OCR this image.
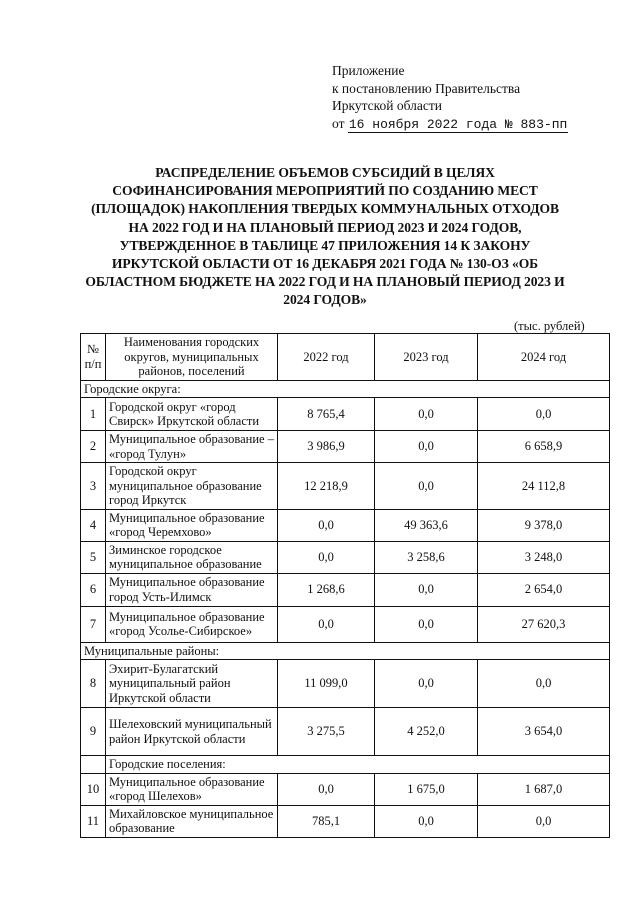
Приложение
к постановлению Правительства
Иркутской области
от 16 ноября 2022 года № 883-пп
РАСПРЕДЕЛЕНИЕ ОБЪЕМОВ СУБСИДИЙ В ЦЕЛЯХ СОФИНАНСИРОВАНИЯ МЕРОПРИЯТИЙ ПО СОЗДАНИЮ МЕСТ (ПЛОЩАДОК) НАКОПЛЕНИЯ ТВЕРДЫХ КОММУНАЛЬНЫХ ОТХОДОВ НА 2022 ГОД И НА ПЛАНОВЫЙ ПЕРИОД 2023 И 2024 ГОДОВ, УТВЕРЖДЕННОЕ В ТАБЛИЦЕ 47 ПРИЛОЖЕНИЯ 14 К ЗАКОНУ ИРКУТСКОЙ ОБЛАСТИ ОТ 16 ДЕКАБРЯ 2021 ГОДА № 130-ОЗ «ОБ ОБЛАСТНОМ БЮДЖЕТЕ НА 2022 ГОД И НА ПЛАНОВЫЙ ПЕРИОД 2023 И 2024 ГОДОВ»
(тыс. рублей)
№ п/п	Наименования городских округов, муниципальных районов, поселений	2022 год	2023 год	2024 год
Городские округа:				
1	Городской округ «город Свирск» Иркутской области	8 765,4	0,0	0,0
2	Муниципальное образование – «город Тулун»	3 986,9	0,0	6 658,9
3	Городской округ муниципальное образование город Иркутск	12 218,9	0,0	24 112,8
4	Муниципальное образование «город Черемхово»	0,0	49 363,6	9 378,0
5	Зиминское городское муниципальное образование	0,0	3 258,6	3 248,0
6	Муниципальное образование город Усть-Илимск	1 268,6	0,0	2 654,0
7	Муниципальное образование «город Усолье-Сибирское»	0,0	0,0	27 620,3
Муниципальные районы:				
8	Эхирит-Булагатский муниципальный район Иркутской области	11 099,0	0,0	0,0
9	Шелеховский муниципальный район Иркутской области	3 275,5	4 252,0	3 654,0
	Городские поселения:			
10	Муниципальное образование «город Шелехов»	0,0	1 675,0	1 687,0
11	Михайловское муниципальное образование	785,1	0,0	0,0
